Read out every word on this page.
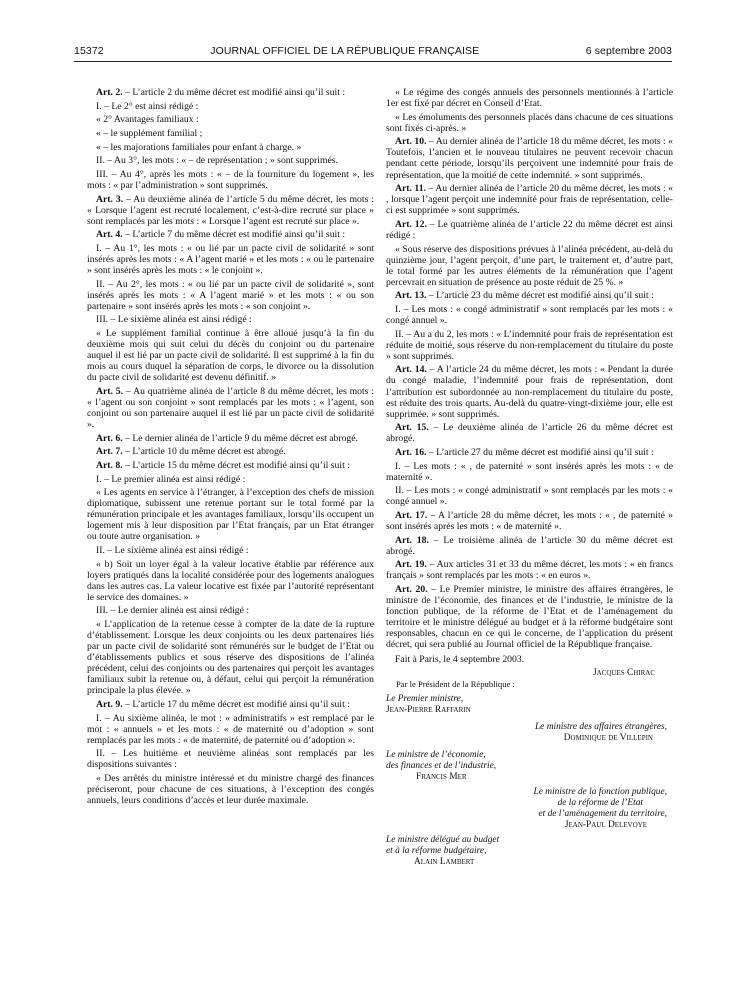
15372	JOURNAL OFFICIEL DE LA RÉPUBLIQUE FRANÇAISE	6 septembre 2003

Art. 2. – L’article 2 du même décret est modifié ainsi qu’il suit :

I. – Le 2° est ainsi rédigé :

« 2° Avantages familiaux :

« – le supplément familial ;

« – les majorations familiales pour enfant à charge. »

II. – Au 3°, les mots : « – de représentation ; » sont supprimés.

III. – Au 4°, après les mots : « – de la fourniture du logement », les mots : « par l’administration » sont supprimés.

Art. 3. – Au deuxième alinéa de l’article 5 du même décret, les mots : « Lorsque l’agent est recruté localement, c’est-à-dire recruté sur place » sont remplacés par les mots : « Lorsque l’agent est recruté sur place ».

Art. 4. – L’article 7 du même décret est modifié ainsi qu’il suit :

I. – Au 1°, les mots : « ou lié par un pacte civil de solidarité » sont insérés après les mots : « A l’agent marié » et les mots : « ou le partenaire » sont insérés après les mots : « le conjoint ».

II. – Au 2°, les mots : « ou lié par un pacte civil de solidarité », sont insérés après les mots : « A l’agent marié » et les mots : « ou son partenaire » sont insérés après les mots : « son conjoint ».

III. – Le sixième alinéa est ainsi rédigé :

« Le supplément familial continue à être alloué jusqu’à la fin du deuxième mois qui suit celui du décès du conjoint ou du partenaire auquel il est lié par un pacte civil de solidarité. Il est supprimé à la fin du mois au cours duquel la séparation de corps, le divorce ou la dissolution du pacte civil de solidarité est devenu définitif. »

Art. 5. – Au quatrième alinéa de l’article 8 du même décret, les mots : « l’agent ou son conjoint » sont remplacés par les mots : « l’agent, son conjoint ou son partenaire auquel il est lié par un pacte civil de solidarité ».

Art. 6. – Le dernier alinéa de l’article 9 du même décret est abrogé.

Art. 7. – L’article 10 du même décret est abrogé.

Art. 8. – L’article 15 du même décret est modifié ainsi qu’il suit :

I. – Le premier alinéa est ainsi rédigé :

« Les agents en service à l’étranger, à l’exception des chefs de mission diplomatique, subissent une retenue portant sur le total formé par la rémunération principale et les avantages familiaux, lorsqu’ils occupent un logement mis à leur disposition par l’Etat français, par un Etat étranger ou toute autre organisation. »

II. – Le sixième alinéa est ainsi rédigé :

« b) Soit un loyer égal à la valeur locative établie par référence aux loyers pratiqués dans la localité considérée pour des logements analogues dans les autres cas. La valeur locative est fixée par l’autorité représentant le service des domaines. »

III. – Le dernier alinéa est ainsi rédigé :

« L’application de la retenue cesse à compter de la date de la rupture d’établissement. Lorsque les deux conjoints ou les deux partenaires liés par un pacte civil de solidarité sont rémunérés sur le budget de l’Etat ou d’établissements publics et sous réserve des dispositions de l’alinéa précédent, celui des conjoints ou des partenaires qui perçoit les avantages familiaux subit la retenue ou, à défaut, celui qui perçoit la rémunération principale la plus élevée. »

Art. 9. – L’article 17 du même décret est modifié ainsi qu’il suit :

I. – Au sixième alinéa, le mot : « administratifs » est remplacé par le mot : « annuels » et les mots : « de maternité ou d’adoption » sont remplacés par les mots : « de maternité, de paternité ou d’adoption ».

II. – Les huitième et neuvième alinéas sont remplacés par les dispositions suivantes :

« Des arrêtés du ministre intéressé et du ministre chargé des finances préciseront, pour chacune de ces situations, à l’exception des congés annuels, leurs conditions d’accès et leur durée maximale.

« Le régime des congés annuels des personnels mentionnés à l’article 1er est fixé par décret en Conseil d’Etat.

« Les émoluments des personnels placés dans chacune de ces situations sont fixés ci-après. »

Art. 10. – Au dernier alinéa de l’article 18 du même décret, les mots : « Toutefois, l’ancien et le nouveau titulaires ne peuvent recevoir chacun pendant cette période, lorsqu’ils perçoivent une indemnité pour frais de représentation, que la moitié de cette indemnité. » sont supprimés.

Art. 11. – Au dernier alinéa de l’article 20 du même décret, les mots : « , lorsque l’agent perçoit une indemnité pour frais de représentation, celle-ci est supprimée » sont supprimés.

Art. 12. – Le quatrième alinéa de l’article 22 du même décret est ainsi rédigé :

« Sous réserve des dispositions prévues à l’alinéa précédent, au-delà du quinzième jour, l’agent perçoit, d’une part, le traitement et, d’autre part, le total formé par les autres éléments de la rémunération que l’agent percevrait en situation de présence au poste réduit de 25 %. »

Art. 13. – L’article 23 du même décret est modifié ainsi qu’il suit :

I. – Les mots : « congé administratif » sont remplacés par les mots : « congé annuel ».

II. – Au a du 2, les mots : « L’indemnité pour frais de représentation est réduite de moitié, sous réserve du non-remplacement du titulaire du poste » sont supprimés.

Art. 14. – A l’article 24 du même décret, les mots : « Pendant la durée du congé maladie, l’indemnité pour frais de représentation, dont l’attribution est subordonnée au non-remplacement du titulaire du poste, est réduite des trois quarts. Au-delà du quatre-vingt-dixième jour, elle est supprimée. » sont supprimés.

Art. 15. – Le deuxième alinéa de l’article 26 du même décret est abrogé.

Art. 16. – L’article 27 du même décret est modifié ainsi qu’il suit :

I. – Les mots : « , de paternité » sont insérés après les mots : « de maternité ».

II. – Les mots : « congé administratif » sont remplacés par les mots : « congé annuel ».

Art. 17. – A l’article 28 du même décret, les mots : « , de paternité » sont insérés après les mots : « de maternité ».

Art. 18. – Le troisième alinéa de l’article 30 du même décret est abrogé.

Art. 19. – Aux articles 31 et 33 du même décret, les mots : « en francs français » sont remplacés par les mots : « en euros ».

Art. 20. – Le Premier ministre, le ministre des affaires étrangères, le ministre de l’économie, des finances et de l’industrie, le ministre de la fonction publique, de la réforme de l’Etat et de l’aménagement du territoire et le ministre délégué au budget et à la réforme budgétaire sont responsables, chacun en ce qui le concerne, de l’application du présent décret, qui sera publié au Journal officiel de la République française.

Fait à Paris, le 4 septembre 2003.

Jacques Chirac
Par le Président de la République :
Le Premier ministre,
Jean-Pierre Raffarin
Le ministre des affaires étrangères,
Dominique de Villepin
Le ministre de l’économie,
des finances et de l’industrie,
Francis Mer
Le ministre de la fonction publique,
de la réforme de l’Etat
et de l’aménagement du territoire,
Jean-Paul Delevoye
Le ministre délégué au budget
et à la réforme budgétaire,
Alain Lambert
